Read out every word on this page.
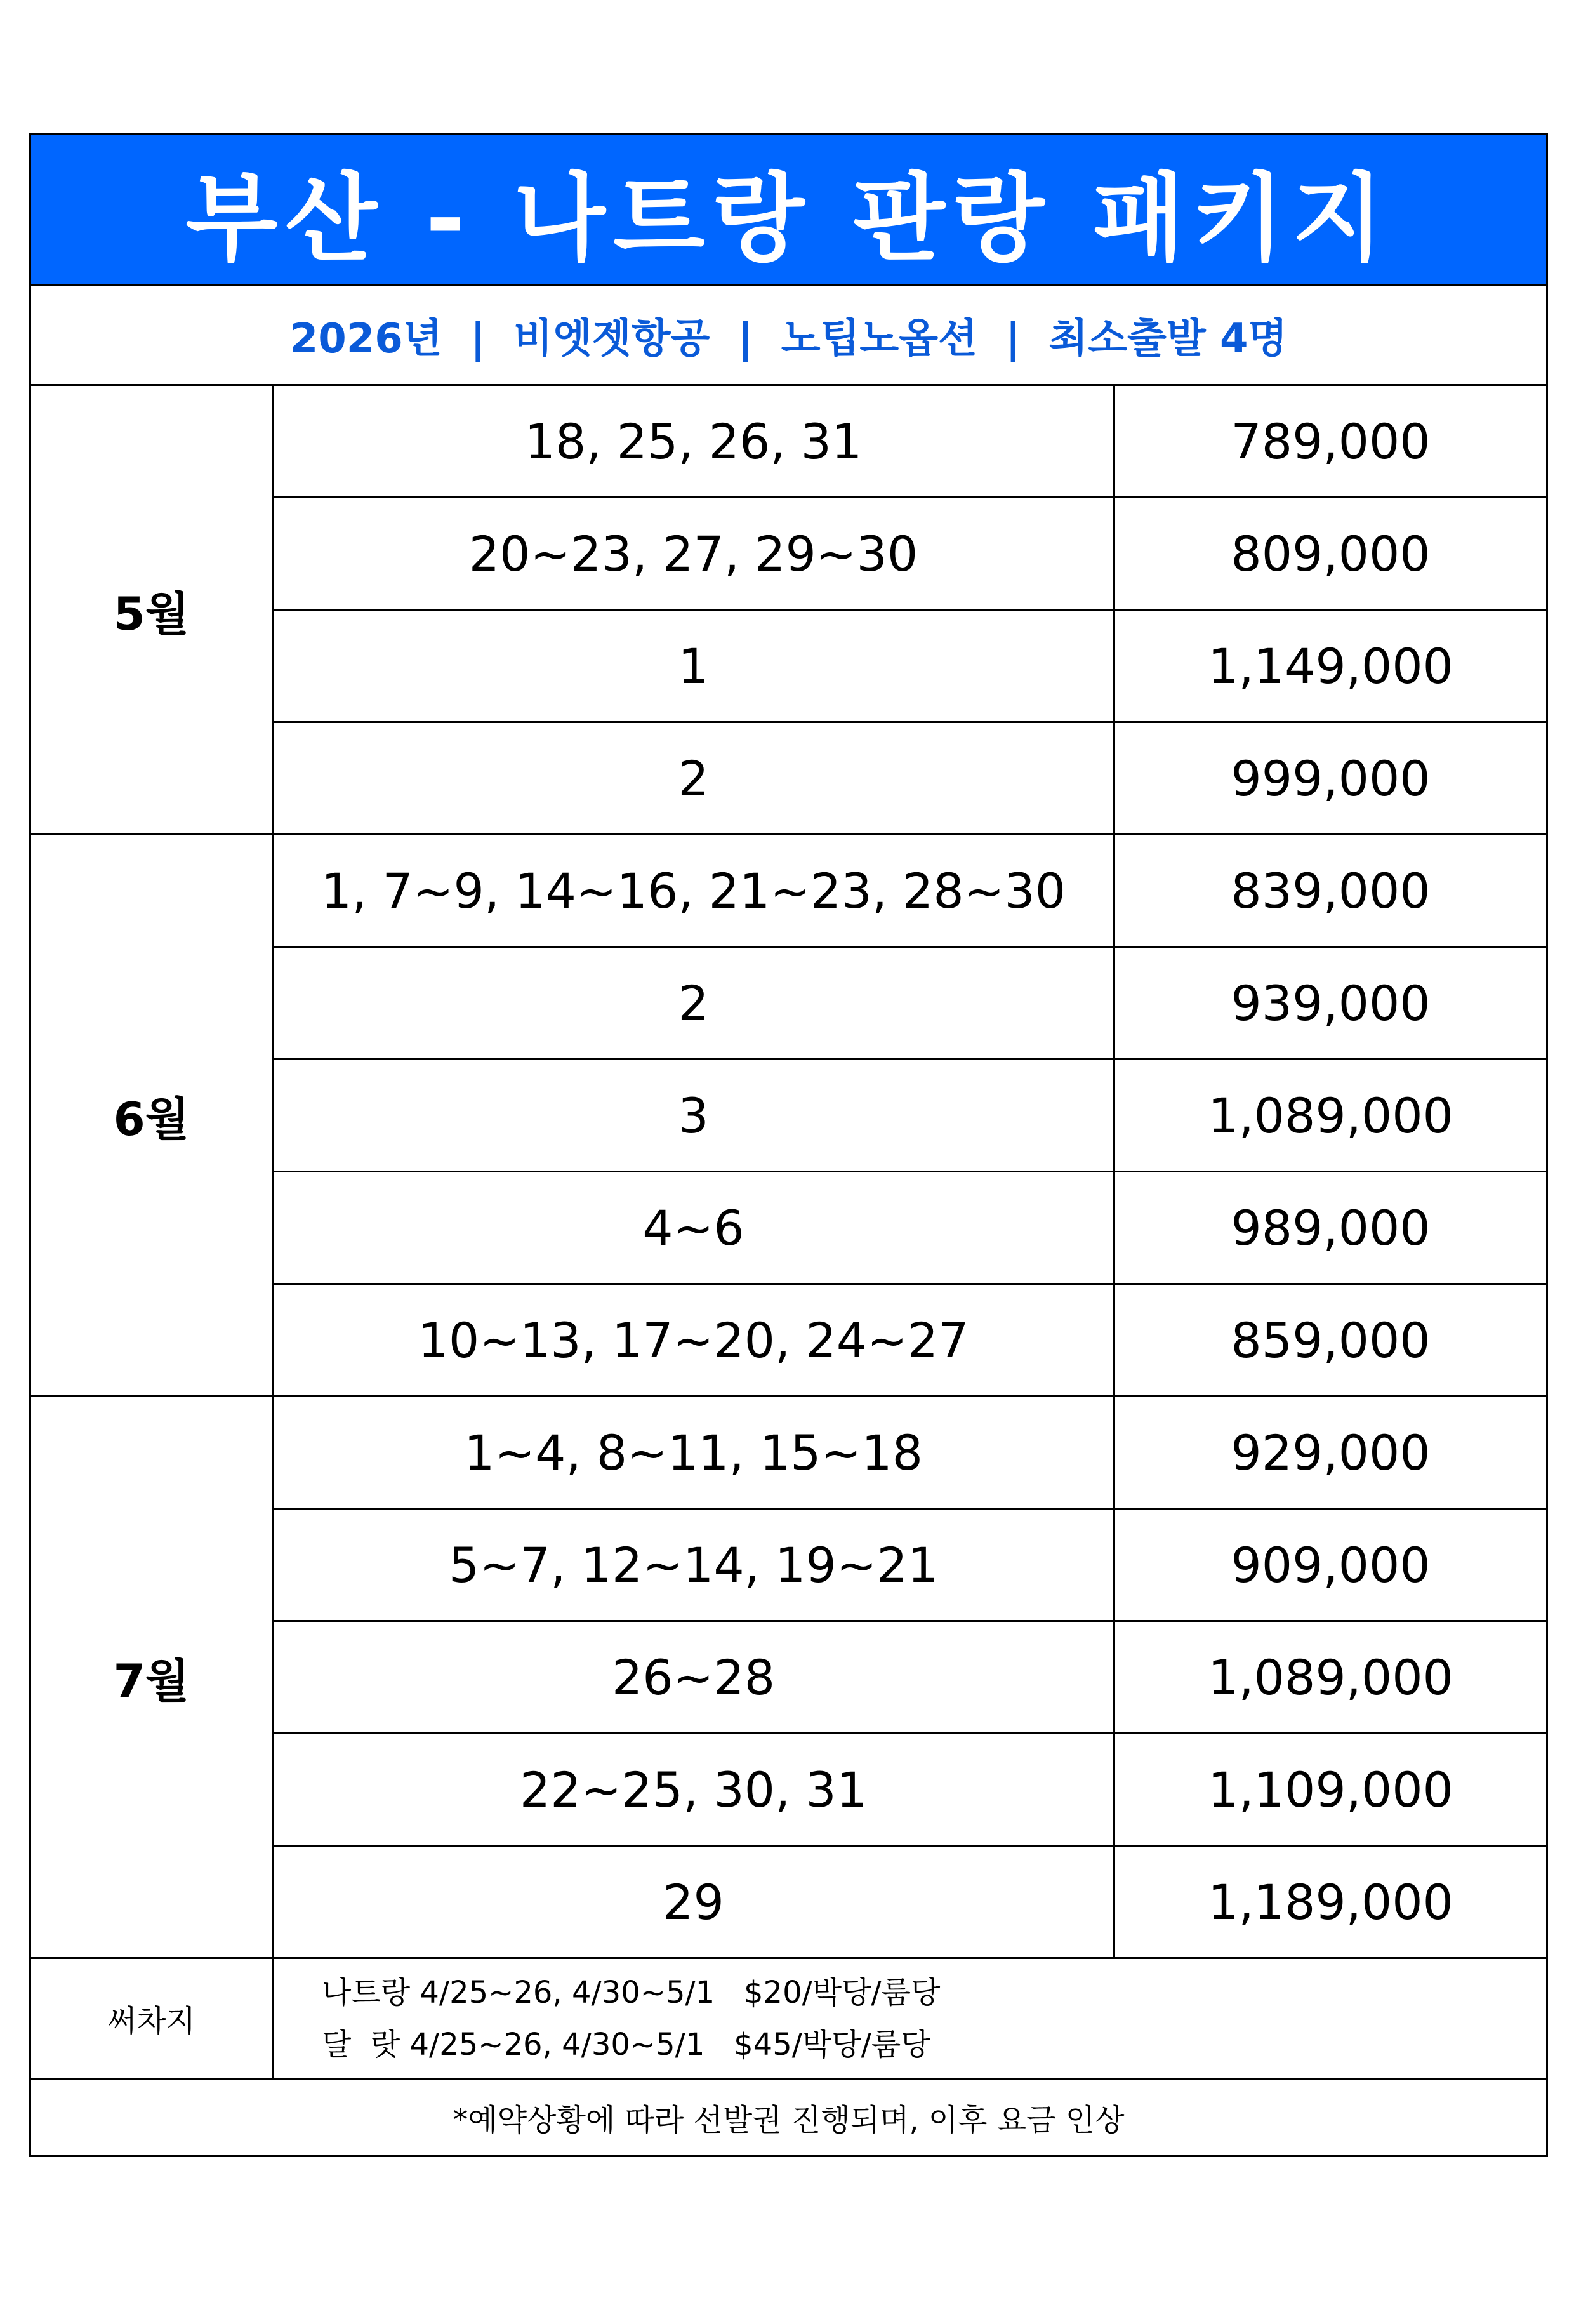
부산 - 나트랑 판랑 패키지		
2026년  |  비엣젯항공  |  노팁노옵션  |  최소출발 4명		
5월	18, 25, 26, 31	789,000
	20~23, 27, 29~30	809,000
	1	1,149,000
	2	999,000
6월	1, 7~9, 14~16, 21~23, 28~30	839,000
	2	939,000
	3	1,089,000
	4~6	989,000
	10~13, 17~20, 24~27	859,000
7월	1~4, 8~11, 15~18	929,000
	5~7, 12~14, 19~21	909,000
	26~28	1,089,000
	22~25, 30, 31	1,109,000
	29	1,189,000
써차지	나트랑 4/25~26, 4/30~5/1   $20/박당/룸당
달  랏 4/25~26, 4/30~5/1   $45/박당/룸당	

*예약상황에 따라 선발권 진행되며, 이후 요금 인상		
